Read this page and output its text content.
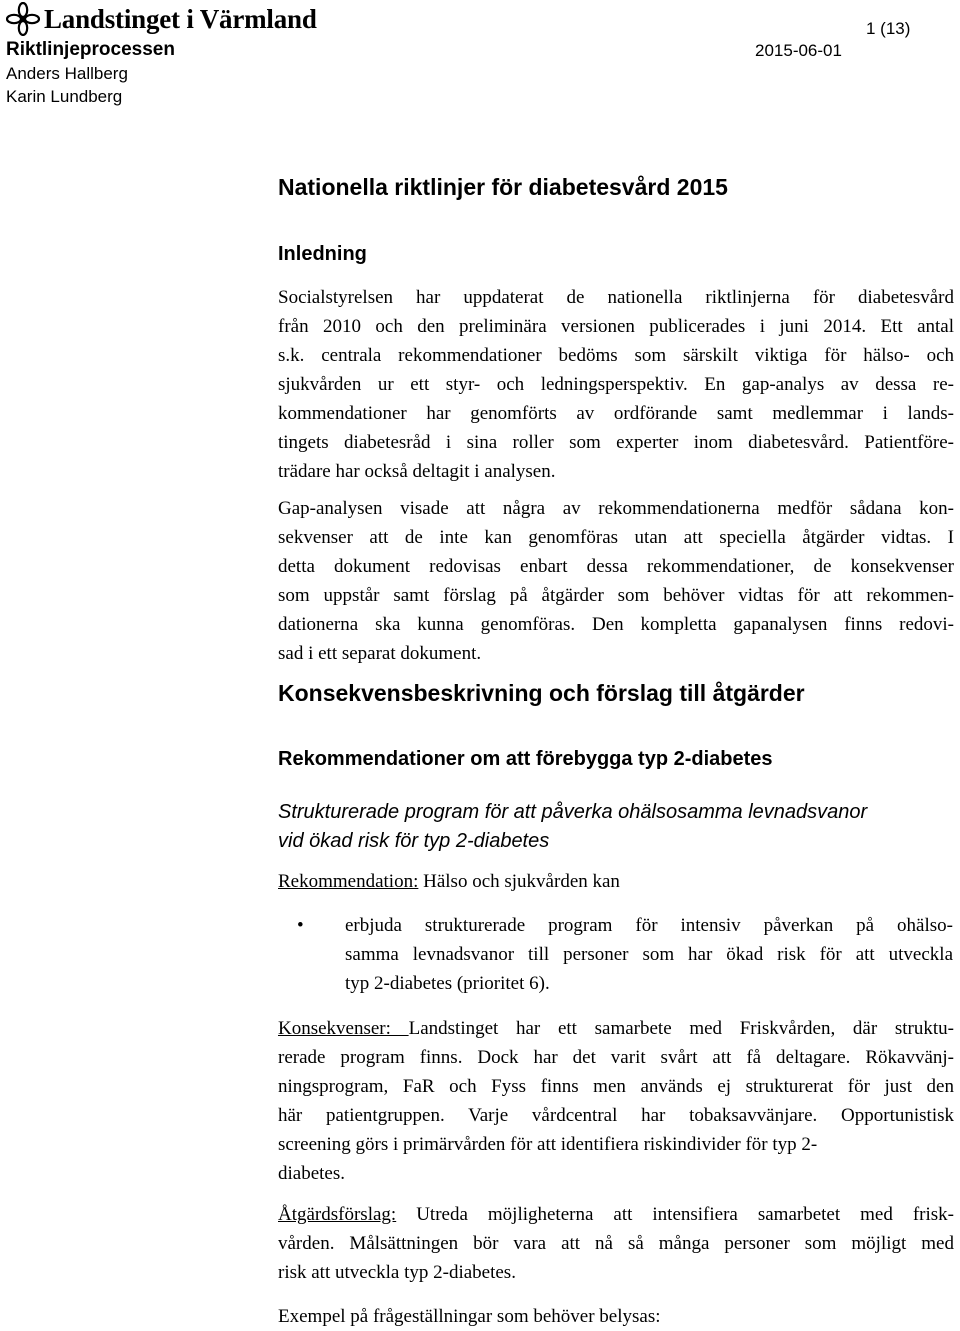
Landstinget i Värmland	1 (13)
Riktlinjeprocessen	2015-06-01
Anders Hallberg
Karin Lundberg
Nationella riktlinjer för diabetesvård 2015
Inledning
Socialstyrelsen har uppdaterat de nationella riktlinjerna för diabetesvård
från 2010 och den preliminära versionen publicerades i juni 2014. Ett antal
s.k. centrala rekommendationer bedöms som särskilt viktiga för hälso- och
sjukvården ur ett styr- och ledningsperspektiv. En gap-analys av dessa re-
kommendationer har genomförts av ordförande samt medlemmar i lands-
tingets diabetesråd i sina roller som experter inom diabetesvård. Patientföre-
trädare har också deltagit i analysen.
Gap-analysen visade att några av rekommendationerna medför sådana kon-
sekvenser att de inte kan genomföras utan att speciella åtgärder vidtas. I
detta dokument redovisas enbart dessa rekommendationer, de konsekvenser
som uppstår samt förslag på åtgärder som behöver vidtas för att rekommen-
dationerna ska kunna genomföras. Den kompletta gapanalysen finns redovi-
sad i ett separat dokument.
Konsekvensbeskrivning och förslag till åtgärder
Rekommendationer om att förebygga typ 2-diabetes
Strukturerade program för att påverka ohälsosamma levnadsvanor
vid ökad risk för typ 2-diabetes
Rekommendation: Hälso och sjukvården kan
• erbjuda strukturerade program för intensiv påverkan på ohälso-
samma levnadsvanor till personer som har ökad risk för att utveckla
typ 2-diabetes (prioritet 6).
Konsekvenser: Landstinget har ett samarbete med Friskvården, där struktu-
rerade program finns. Dock har det varit svårt att få deltagare. Rökavvänj-
ningsprogram, FaR och Fyss finns men används ej strukturerat för just den
här patientgruppen. Varje vårdcentral har tobaksavvänjare. Opportunistisk
screening görs i primärvården för att identifiera riskindivider för typ 2-
diabetes.
Åtgärdsförslag: Utreda möjligheterna att intensifiera samarbetet med frisk-
vården. Målsättningen bör vara att nå så många personer som möjligt med
risk att utveckla typ 2-diabetes.
Exempel på frågeställningar som behöver belysas:
